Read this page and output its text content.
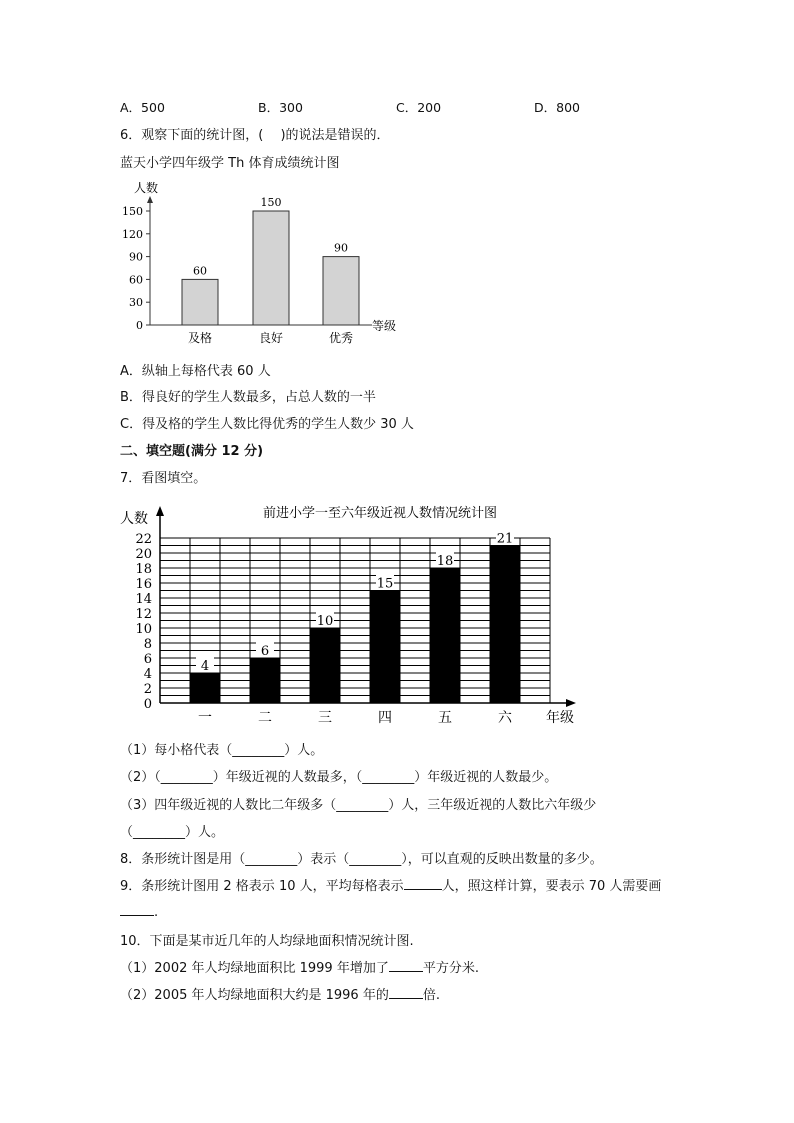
A．500	B．300	C．200	D．800
6．观察下面的统计图，(　 )的说法是错误的．
蓝天小学四年级学 Th 体育成绩统计图
人数
等级
0
30
60
90
120
150
60
及格
150
良好
90
优秀
A．纵轴上每格代表 60 人
B．得良好的学生人数最多，占总人数的一半
C．得及格的学生人数比得优秀的学生人数少 30 人
二、填空题(满分 12 分)
7．看图填空。
前进小学一至六年级近视人数情况统计图
人数
年级
0
2
4
6
8
10
12
14
16
18
20
22
4
一
6
二
10
三
15
四
18
五
21
六
（1）每小格代表（________）人。
（2）（________）年级近视的人数最多，（________）年级近视的人数最少。
（3）四年级近视的人数比二年级多（________）人，三年级近视的人数比六年级少
（________）人。
8．条形统计图是用（________）表示（________），可以直观的反映出数量的多少。
9．条形统计图用 2 格表示 10 人，平均每格表示	人，照这样计算，要表示 70 人需要画
.
10．下面是某市近几年的人均绿地面积情况统计图.
（1）2002 年人均绿地面积比 1999 年增加了	平方分米.
（2）2005 年人均绿地面积大约是 1996 年的	倍.
